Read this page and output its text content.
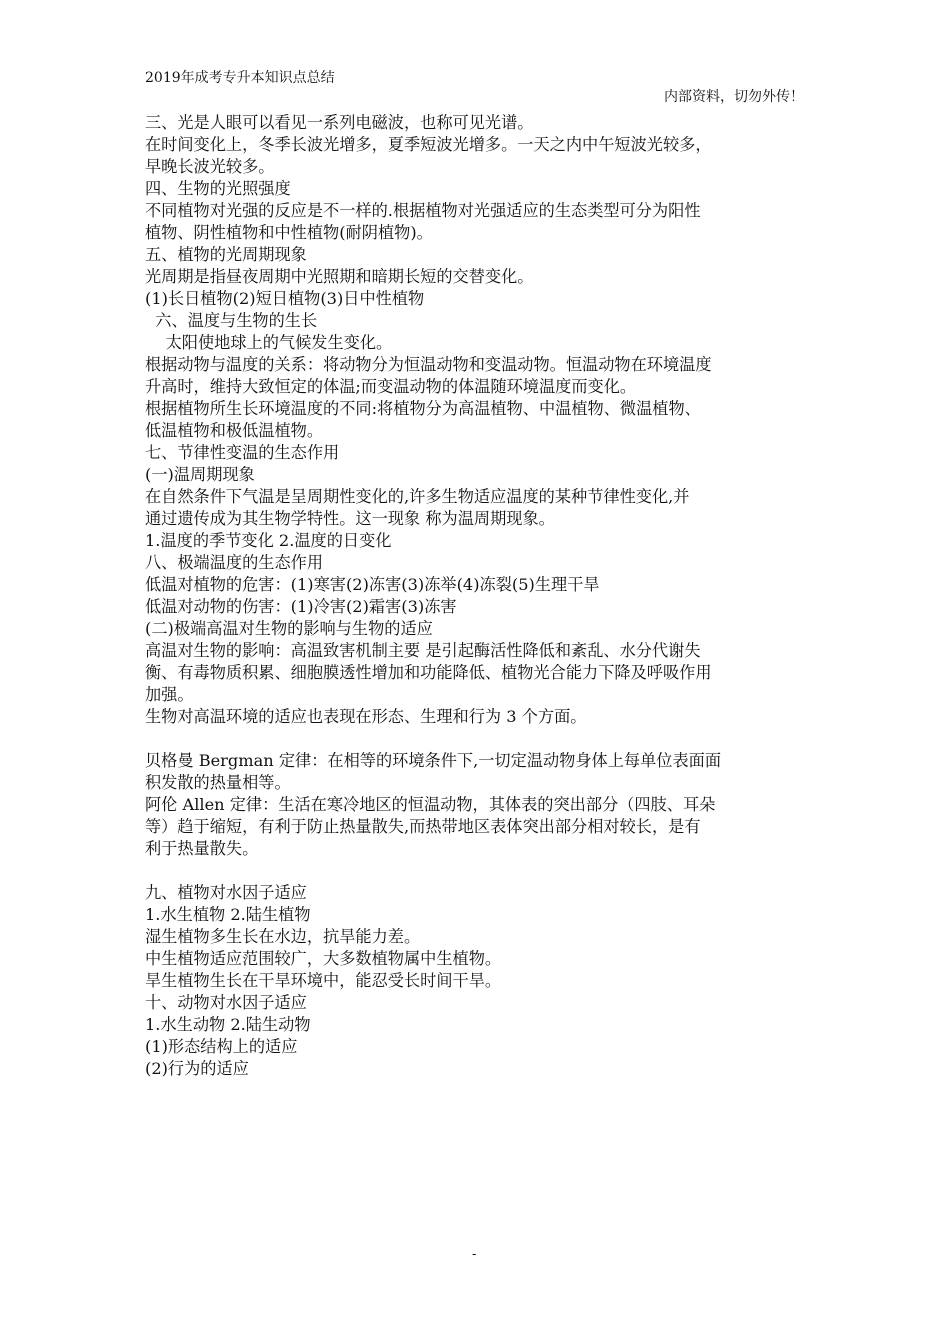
2019年成考专升本知识点总结
内部资料，切勿外传！
三、光是人眼可以看见一系列电磁波，也称可见光谱。
在时间变化上，冬季长波光增多，夏季短波光增多。一天之内中午短波光较多，
早晚长波光较多。
四、生物的光照强度
不同植物对光强的反应是不一样的.根据植物对光强适应的生态类型可分为阳性
植物、阴性植物和中性植物(耐阴植物)。
五、植物的光周期现象
光周期是指昼夜周期中光照期和暗期长短的交替变化。
(1)长日植物(2)短日植物(3)日中性植物
六、温度与生物的生长
太阳使地球上的气候发生变化。
根据动物与温度的关系：将动物分为恒温动物和变温动物。恒温动物在环境温度
升高时，维持大致恒定的体温;而变温动物的体温随环境温度而变化。
根据植物所生长环境温度的不同:将植物分为高温植物、中温植物、微温植物、
低温植物和极低温植物。
七、节律性变温的生态作用
(一)温周期现象
在自然条件下气温是呈周期性变化的,许多生物适应温度的某种节律性变化,并
通过遗传成为其生物学特性。这一现象 称为温周期现象。
1.温度的季节变化 2.温度的日变化
八、极端温度的生态作用
低温对植物的危害：(1)寒害(2)冻害(3)冻举(4)冻裂(5)生理干旱
低温对动物的伤害：(1)冷害(2)霜害(3)冻害
(二)极端高温对生物的影响与生物的适应
高温对生物的影响：高温致害机制主要 是引起酶活性降低和紊乱、水分代谢失
衡、有毒物质积累、细胞膜透性增加和功能降低、植物光合能力下降及呼吸作用
加强。
生物对高温环境的适应也表现在形态、生理和行为 3 个方面。
贝格曼 Bergman 定律：在相等的环境条件下,一切定温动物身体上每单位表面面
积发散的热量相等。
阿伦 Allen 定律：生活在寒冷地区的恒温动物，其体表的突出部分（四肢、耳朵
等）趋于缩短，有利于防止热量散失,而热带地区表体突出部分相对较长，是有
利于热量散失。
九、植物对水因子适应
1.水生植物 2.陆生植物
湿生植物多生长在水边，抗旱能力差。
中生植物适应范围较广，大多数植物属中生植物。
旱生植物生长在干旱环境中，能忍受长时间干旱。
十、动物对水因子适应
1.水生动物 2.陆生动物
(1)形态结构上的适应
(2)行为的适应
-
